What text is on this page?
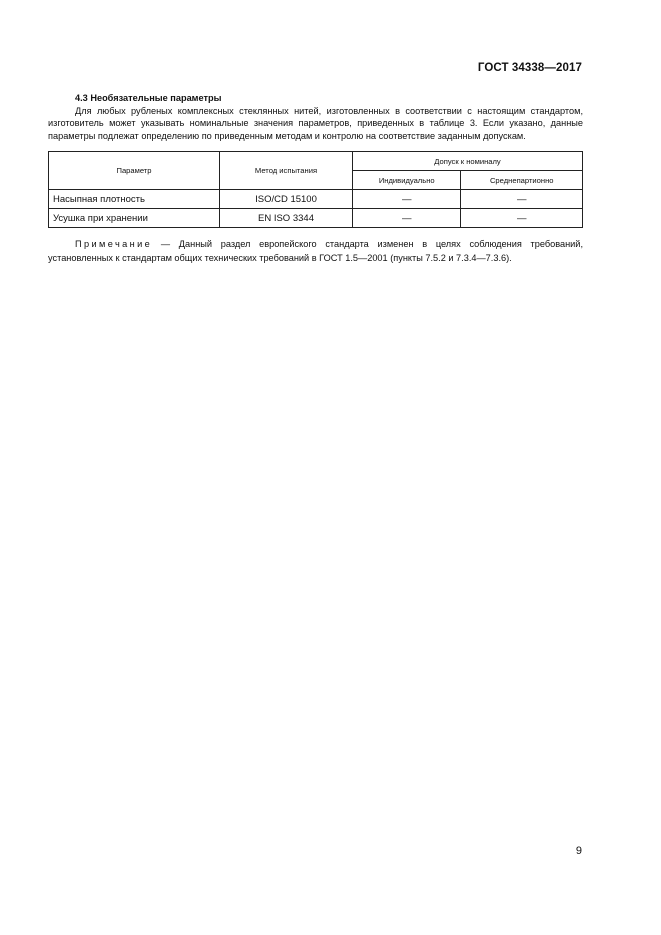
ГОСТ 34338—2017
4.3 Необязательные параметры

Для любых рубленых комплексных стеклянных нитей, изготовленных в соответствии с настоящим стандартом, изготовитель может указывать номинальные значения параметров, приведенных в таблице 3. Если указано, данные параметры подлежат определению по приведенным методам и контролю на соответствие заданным допускам.

Параметр	Метод испытания	Допуск к номиналу	
		Индивидуально	Среднепартионно
Насыпная плотность	ISO/CD 15100	—	—
Усушка при хранении	EN ISO 3344	—	—
Примечание — Данный раздел европейского стандарта изменен в целях соблюдения требований, установленных к стандартам общих технических требований в ГОСТ 1.5—2001 (пункты 7.5.2 и 7.3.4—7.3.6).
9
